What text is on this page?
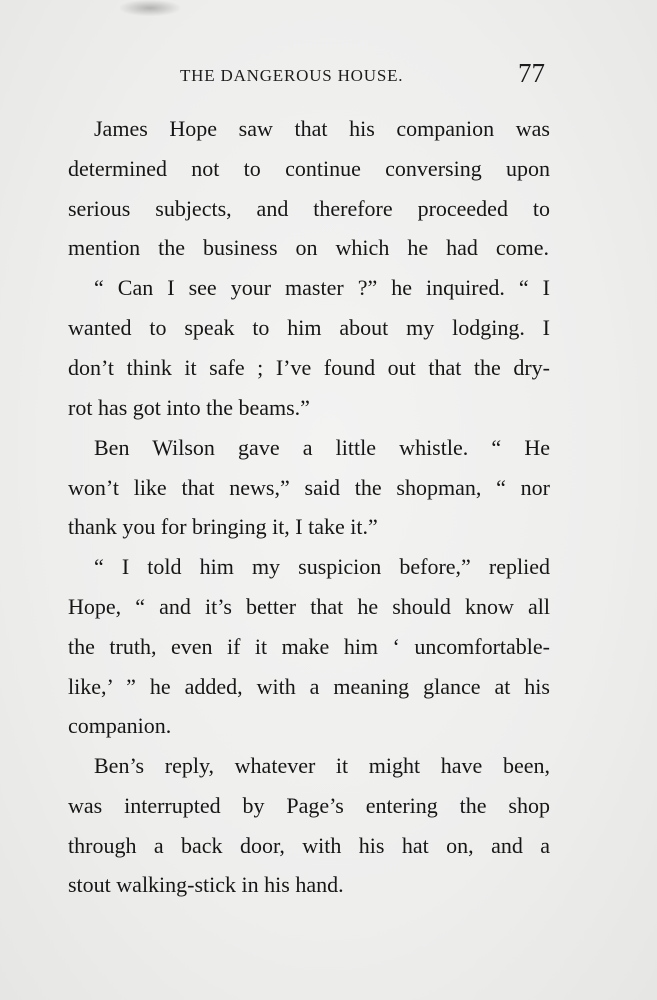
THE DANGEROUS HOUSE.	77
James Hope saw that his companion was
determined not to continue conversing upon
serious subjects, and therefore proceeded to
mention the business on which he had come.
“ Can I see your master ?” he inquired. “ I
wanted to speak to him about my lodging. I
don’t think it safe ; I’ve found out that the dry-
rot has got into the beams.”
Ben Wilson gave a little whistle. “ He
won’t like that news,” said the shopman, “ nor
thank you for bringing it, I take it.”
“ I told him my suspicion before,” replied
Hope, “ and it’s better that he should know all
the truth, even if it make him ‘ uncomfortable-
like,’ ” he added, with a meaning glance at his
companion.
Ben’s reply, whatever it might have been,
was interrupted by Page’s entering the shop
through a back door, with his hat on, and a
stout walking-stick in his hand.
